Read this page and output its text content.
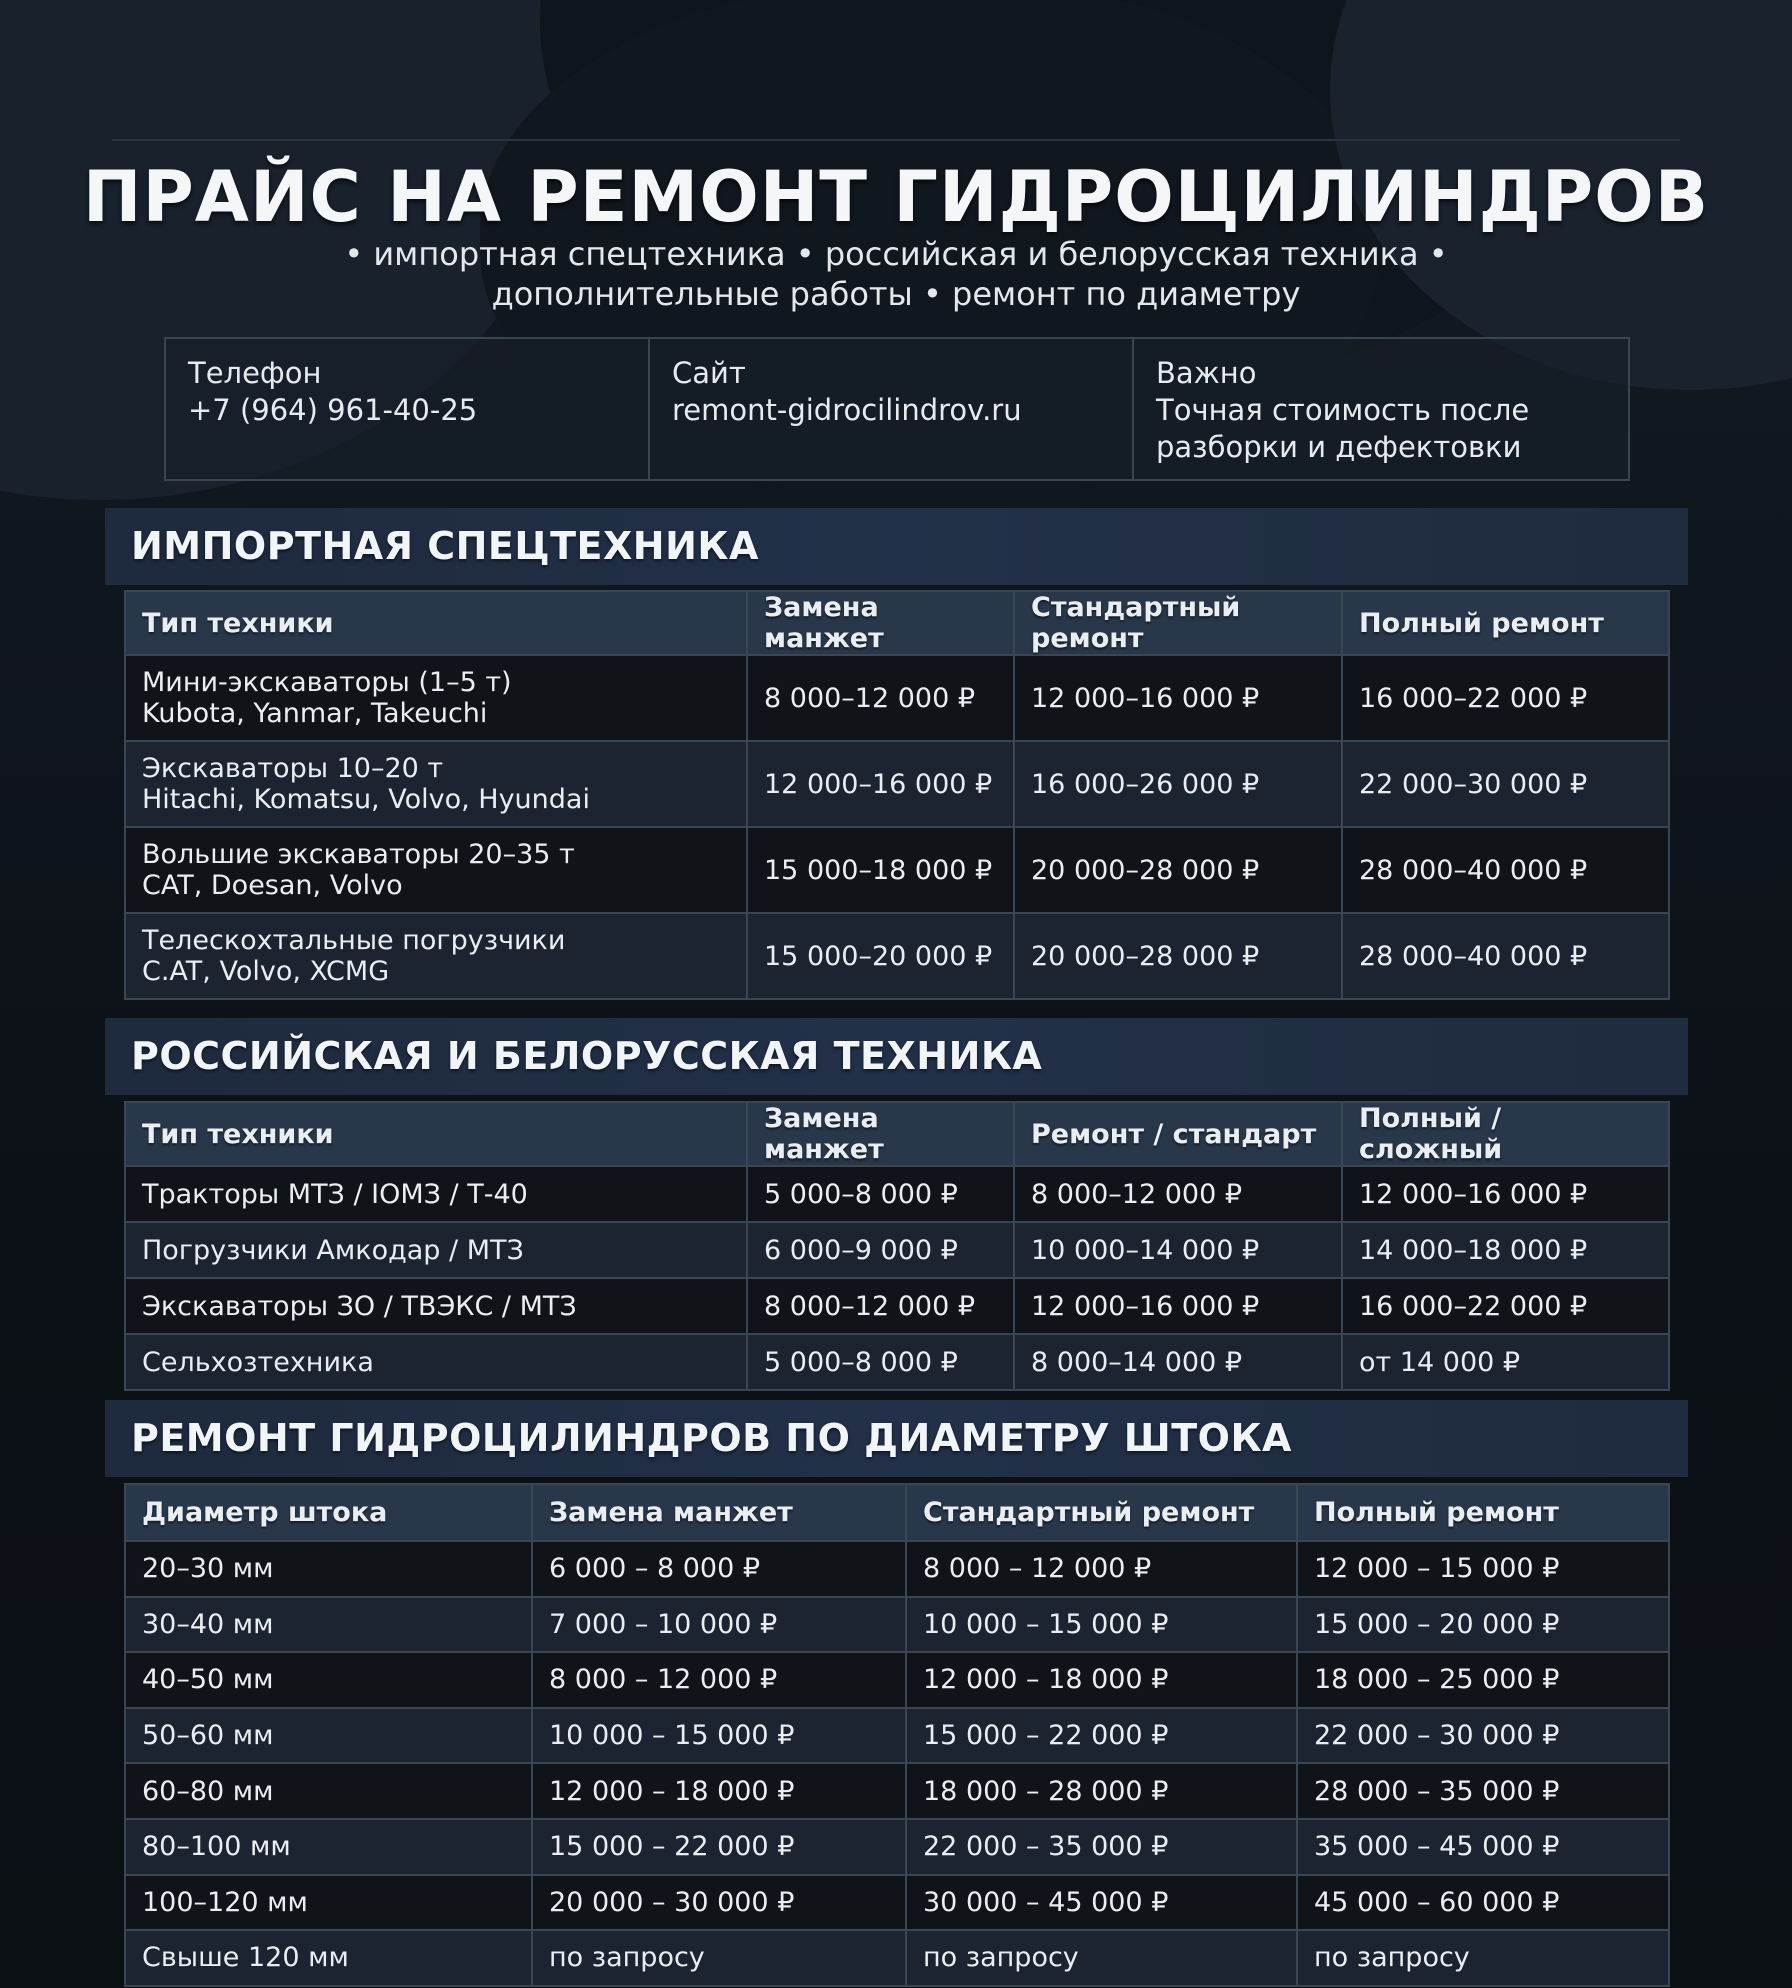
ПРАЙС НА РЕМОНТ ГИДРОЦИЛИНДРОВ
• импортная спецтехника • российская и белорусская техника •
дополнительные работы • ремонт по диаметру
Телефон
+7 (964) 961-40-25
Сайт
remont-gidrocilindrov.ru
Важно
Точная стоимость после
разборки и дефектовки
ИМПОРТНАЯ СПЕЦТЕХНИКА
Тип техники	Замена манжет	Стандартный ремонт	Полный ремонт

Мини-экскаваторы (1–5 т)
Kubota, Yanmar, Takeuchi	8 000–12 000 ₽	12 000–16 000 ₽	16 000–22 000 ₽

Экскаваторы 10–20 т
Hitachi, Komatsu, Volvo, Hyundai	12 000–16 000 ₽	16 000–26 000 ₽	22 000–30 000 ₽

Вольшие экскаваторы 20–35 т
CAT, Doesan, Volvo	15 000–18 000 ₽	20 000–28 000 ₽	28 000–40 000 ₽

Телескохтальные погрузчики
C.AT, Volvo, XCMG	15 000–20 000 ₽	20 000–28 000 ₽	28 000–40 000 ₽
РОССИЙСКАЯ И БЕЛОРУССКАЯ ТЕХНИКА
Тип техники	Замена манжет	Ремонт / стандарт	Полный / сложный
Тракторы МТЗ / IОМЗ / Т-40	5 000–8 000 ₽	8 000–12 000 ₽	12 000–16 000 ₽
Погрузчики Амкодар / МТЗ	6 000–9 000 ₽	10 000–14 000 ₽	14 000–18 000 ₽
Экскаваторы ЗО / ТВЭКС / МТЗ	8 000–12 000 ₽	12 000–16 000 ₽	16 000–22 000 ₽
Сельхозтехника	5 000–8 000 ₽	8 000–14 000 ₽	от 14 000 ₽
РЕМОНТ ГИДРОЦИЛИНДРОВ ПО ДИАМЕТРУ ШТОКА
Диаметр штока	Замена манжет	Стандартный ремонт	Полный ремонт
20–30 мм	6 000 – 8 000 ₽	8 000 – 12 000 ₽	12 000 – 15 000 ₽
30–40 мм	7 000 – 10 000 ₽	10 000 – 15 000 ₽	15 000 – 20 000 ₽
40–50 мм	8 000 – 12 000 ₽	12 000 – 18 000 ₽	18 000 – 25 000 ₽
50–60 мм	10 000 – 15 000 ₽	15 000 – 22 000 ₽	22 000 – 30 000 ₽
60–80 мм	12 000 – 18 000 ₽	18 000 – 28 000 ₽	28 000 – 35 000 ₽
80–100 мм	15 000 – 22 000 ₽	22 000 – 35 000 ₽	35 000 – 45 000 ₽
100–120 мм	20 000 – 30 000 ₽	30 000 – 45 000 ₽	45 000 – 60 000 ₽
Свыше 120 мм	по запросу	по запросу	по запросу
